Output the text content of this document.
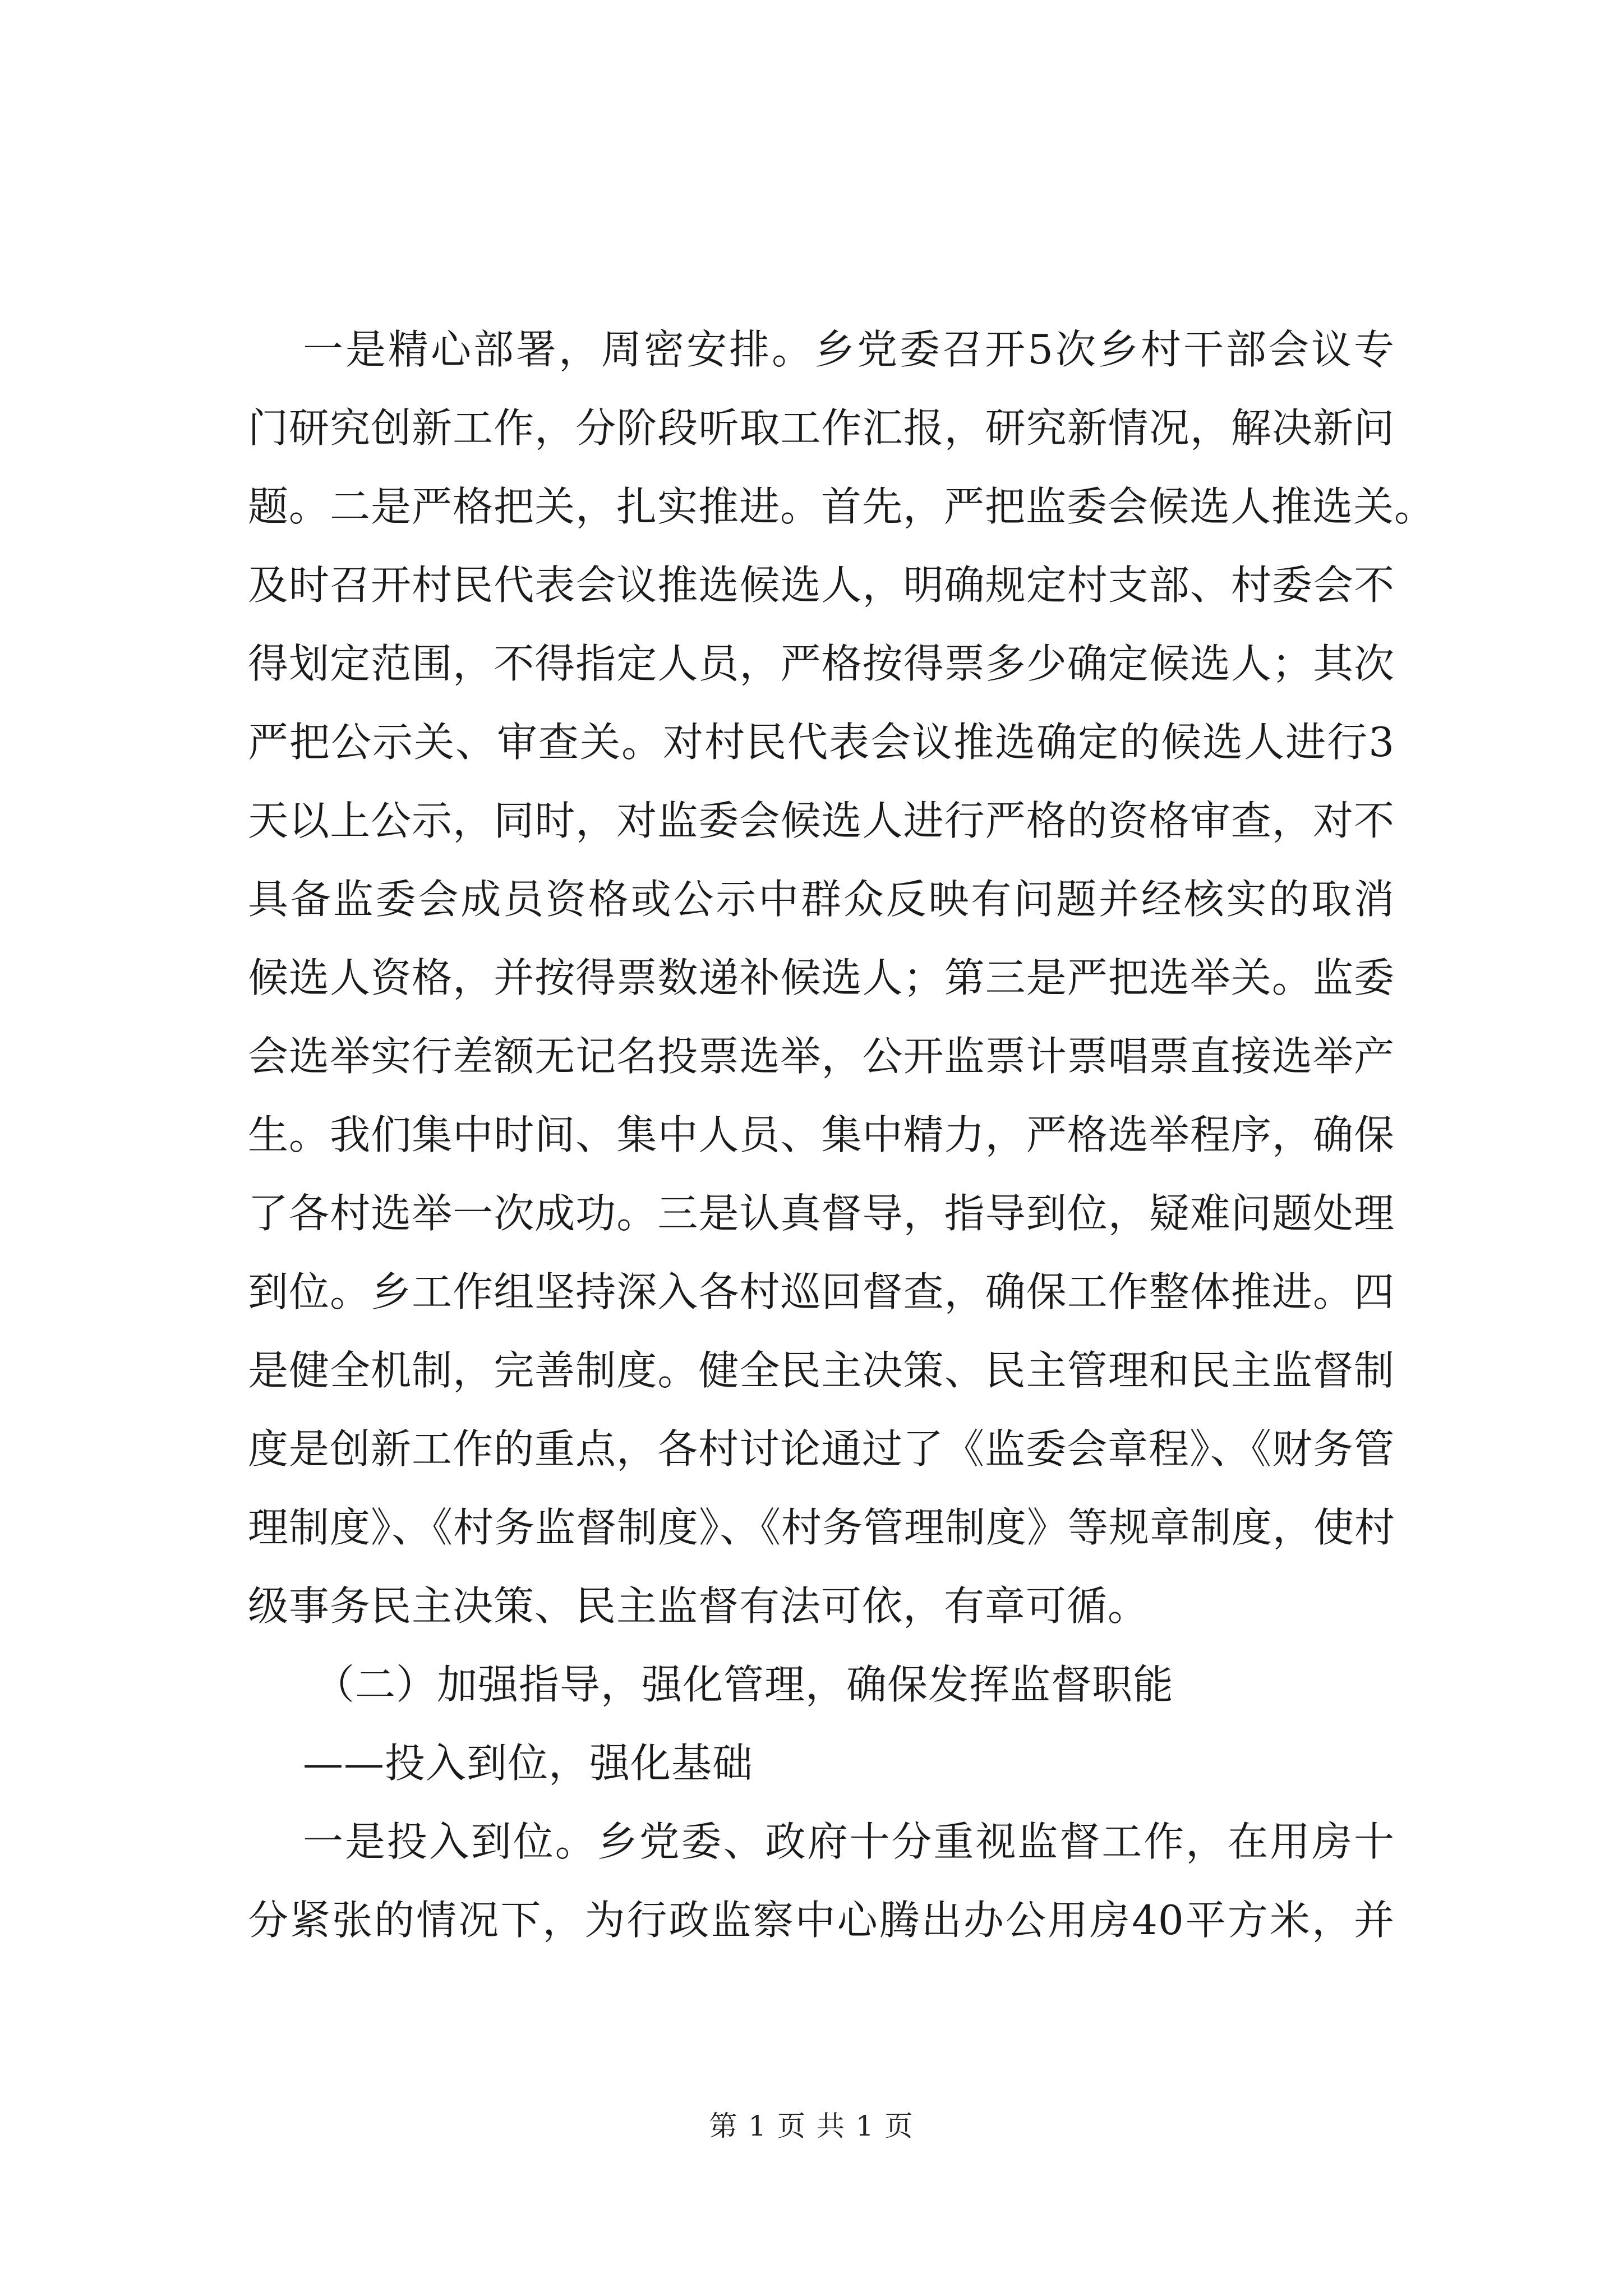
一是精心部署，周密安排。乡党委召开5次乡村干部会议专
门研究创新工作，分阶段听取工作汇报，研究新情况，解决新问
题。二是严格把关，扎实推进。首先，严把监委会候选人推选关。
及时召开村民代表会议推选候选人，明确规定村支部、村委会不
得划定范围，不得指定人员，严格按得票多少确定候选人；其次
严把公示关、审查关。对村民代表会议推选确定的候选人进行3
天以上公示，同时，对监委会候选人进行严格的资格审查，对不
具备监委会成员资格或公示中群众反映有问题并经核实的取消
候选人资格，并按得票数递补候选人；第三是严把选举关。监委
会选举实行差额无记名投票选举，公开监票计票唱票直接选举产
生。我们集中时间、集中人员、集中精力，严格选举程序，确保
了各村选举一次成功。三是认真督导，指导到位，疑难问题处理
到位。乡工作组坚持深入各村巡回督查，确保工作整体推进。四
是健全机制，完善制度。健全民主决策、民主管理和民主监督制
度是创新工作的重点，各村讨论通过了《监委会章程》、《财务管
理制度》、《村务监督制度》、《村务管理制度》等规章制度，使村
级事务民主决策、民主监督有法可依，有章可循。
（二）加强指导，强化管理，确保发挥监督职能
——投入到位，强化基础
一是投入到位。乡党委、政府十分重视监督工作，在用房十
分紧张的情况下，为行政监察中心腾出办公用房40平方米，并
第 1 页 共 1 页
